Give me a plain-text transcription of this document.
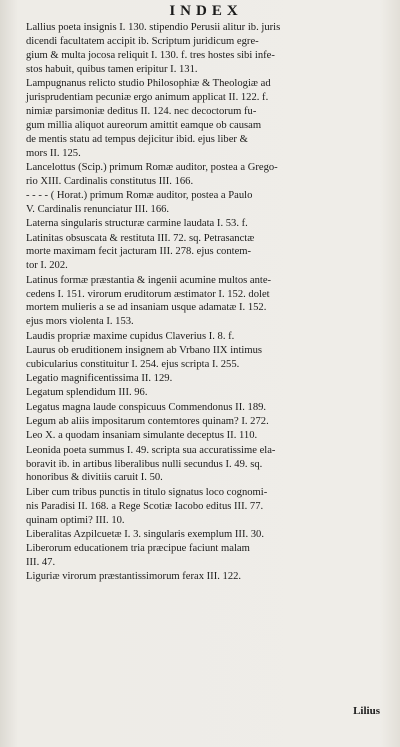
INDEX
Lallius poeta insignis I. 130. stipendio Perusii alitur ib. juris
dicendi facultatem accipit ib. Scriptum juridicum egre-
gium & multa jocosa reliquit I. 130. f. tres hostes sibi infe-
stos habuit, quibus tamen eripitur I. 131.
Lampugnanus relicto studio Philosophiæ & Theologiæ ad
jurisprudentiam pecuniæ ergo animum applicat II. 122. f.
nimiæ parsimoniæ deditus II. 124. nec decoctorum fu-
gum millia aliquot aureorum amittit eamque ob causam
de mentis statu ad tempus dejicitur ibid. ejus liber &
mors II. 125.
Lancelottus (Scip.) primum Romæ auditor, postea a Grego-
rio XIII. Cardinalis constitutus III. 166.
- - - - ( Horat.) primum Romæ auditor, postea a Paulo
V. Cardinalis renunciatur III. 166.
Laterna singularis structuræ carmine laudata I. 53. f.
Latinitas obsuscata & restituta III. 72. sq. Petrasanctæ
morte maximam fecit jacturam III. 278. ejus contem-
tor I. 202.
Latinus formæ præstantia & ingenii acumine multos ante-
cedens I. 151. virorum eruditorum æstimator I. 152. dolet
mortem mulieris a se ad insaniam usque adamatæ I. 152.
ejus mors violenta I. 153.
Laudis propriæ maxime cupidus Claverius I. 8. f.
Laurus ob eruditionem insignem ab Vrbano IIX intimus
cubicularius constituitur I. 254. ejus scripta I. 255.
Legatio magnificentissima II. 129.
Legatum splendidum III. 96.
Legatus magna laude conspicuus Commendonus II. 189.
Legum ab aliis impositarum contemtores quinam? I. 272.
Leo X. a quodam insaniam simulante deceptus II. 110.
Leonida poeta summus I. 49. scripta sua accuratissime ela-
boravit ib. in artibus liberalibus nulli secundus I. 49. sq.
honoribus & divitiis caruit I. 50.
Liber cum tribus punctis in titulo signatus loco cognomi-
nis Paradisi II. 168. a Rege Scotiæ Iacobo editus III. 77.
quinam optimi? III. 10.
Liberalitas Azpilcuetæ I. 3. singularis exemplum III. 30.
Liberorum educationem tria præcipue faciunt malam
III. 47.
Liguriæ virorum præstantissimorum ferax III. 122.
Lilius
